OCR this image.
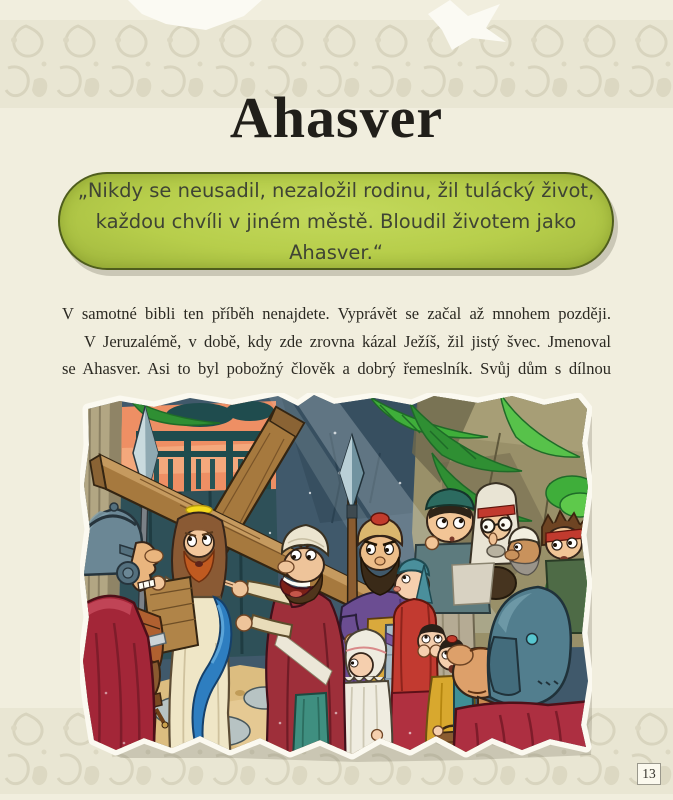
Ahasver
„Nikdy se neusadil, nezaložil rodinu, žil tulácký život,
každou chvíli v jiném městě. Bloudil životem jako Ahasver.“
V samotné bibli ten příběh nenajdete. Vyprávět se začal až mnohem později.
V Jeruzalémě, v době, kdy zde zrovna kázal Ježíš, žil jistý švec. Jmenoval
se Ahasver. Asi to byl pobožný člověk a dobrý řemeslník. Svůj dům s dílnou
13
